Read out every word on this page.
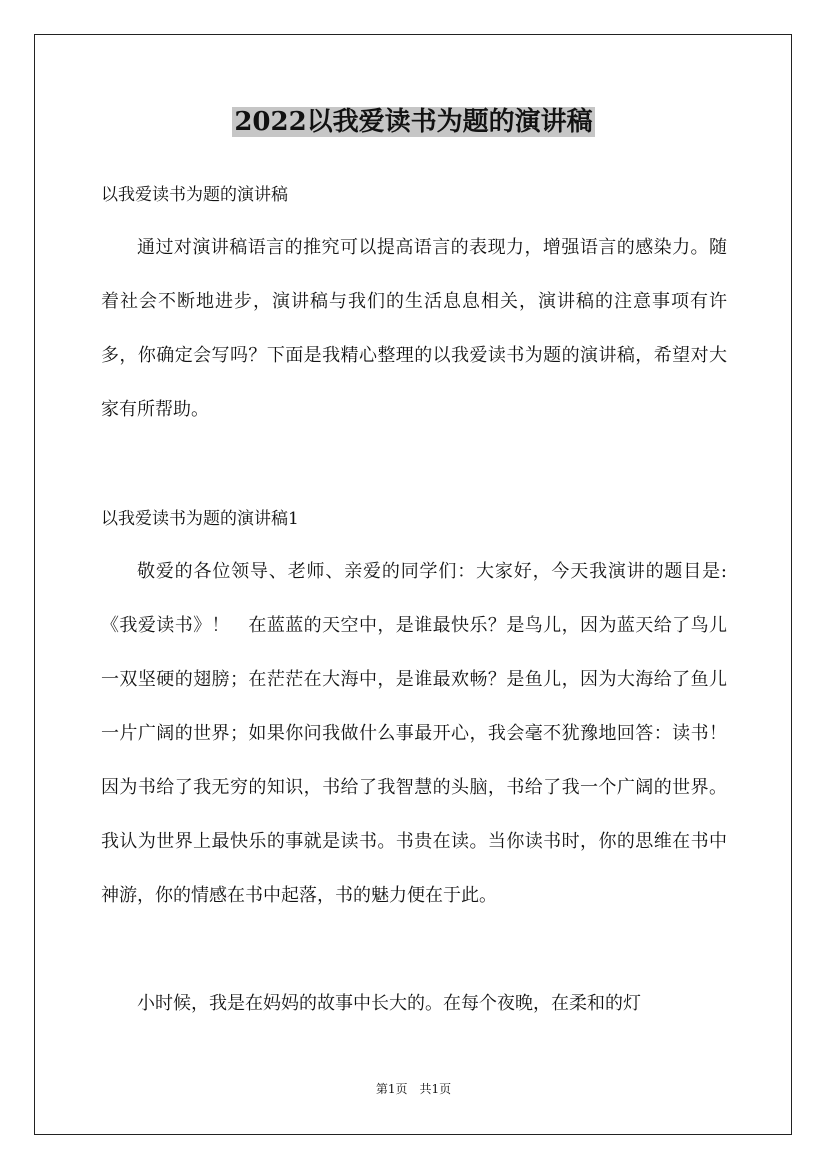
2022以我爱读书为题的演讲稿
以我爱读书为题的演讲稿

通过对演讲稿语言的推究可以提高语言的表现力，增强语言的感染力。随着社会不断地进步，演讲稿与我们的生活息息相关，演讲稿的注意事项有许多，你确定会写吗？下面是我精心整理的以我爱读书为题的演讲稿，希望对大家有所帮助。

以我爱读书为题的演讲稿1

敬爱的各位领导、老师、亲爱的同学们：大家好，今天我演讲的题目是:《我爱读书》！　在蓝蓝的天空中，是谁最快乐？是鸟儿，因为蓝天给了鸟儿一双坚硬的翅膀；在茫茫在大海中，是谁最欢畅？是鱼儿，因为大海给了鱼儿一片广阔的世界；如果你问我做什么事最开心，我会毫不犹豫地回答：读书！因为书给了我无穷的知识，书给了我智慧的头脑，书给了我一个广阔的世界。我认为世界上最快乐的事就是读书。书贵在读。当你读书时，你的思维在书中神游，你的情感在书中起落，书的魅力便在于此。

小时候，我是在妈妈的故事中长大的。在每个夜晚，在柔和的灯

第1页　共1页
